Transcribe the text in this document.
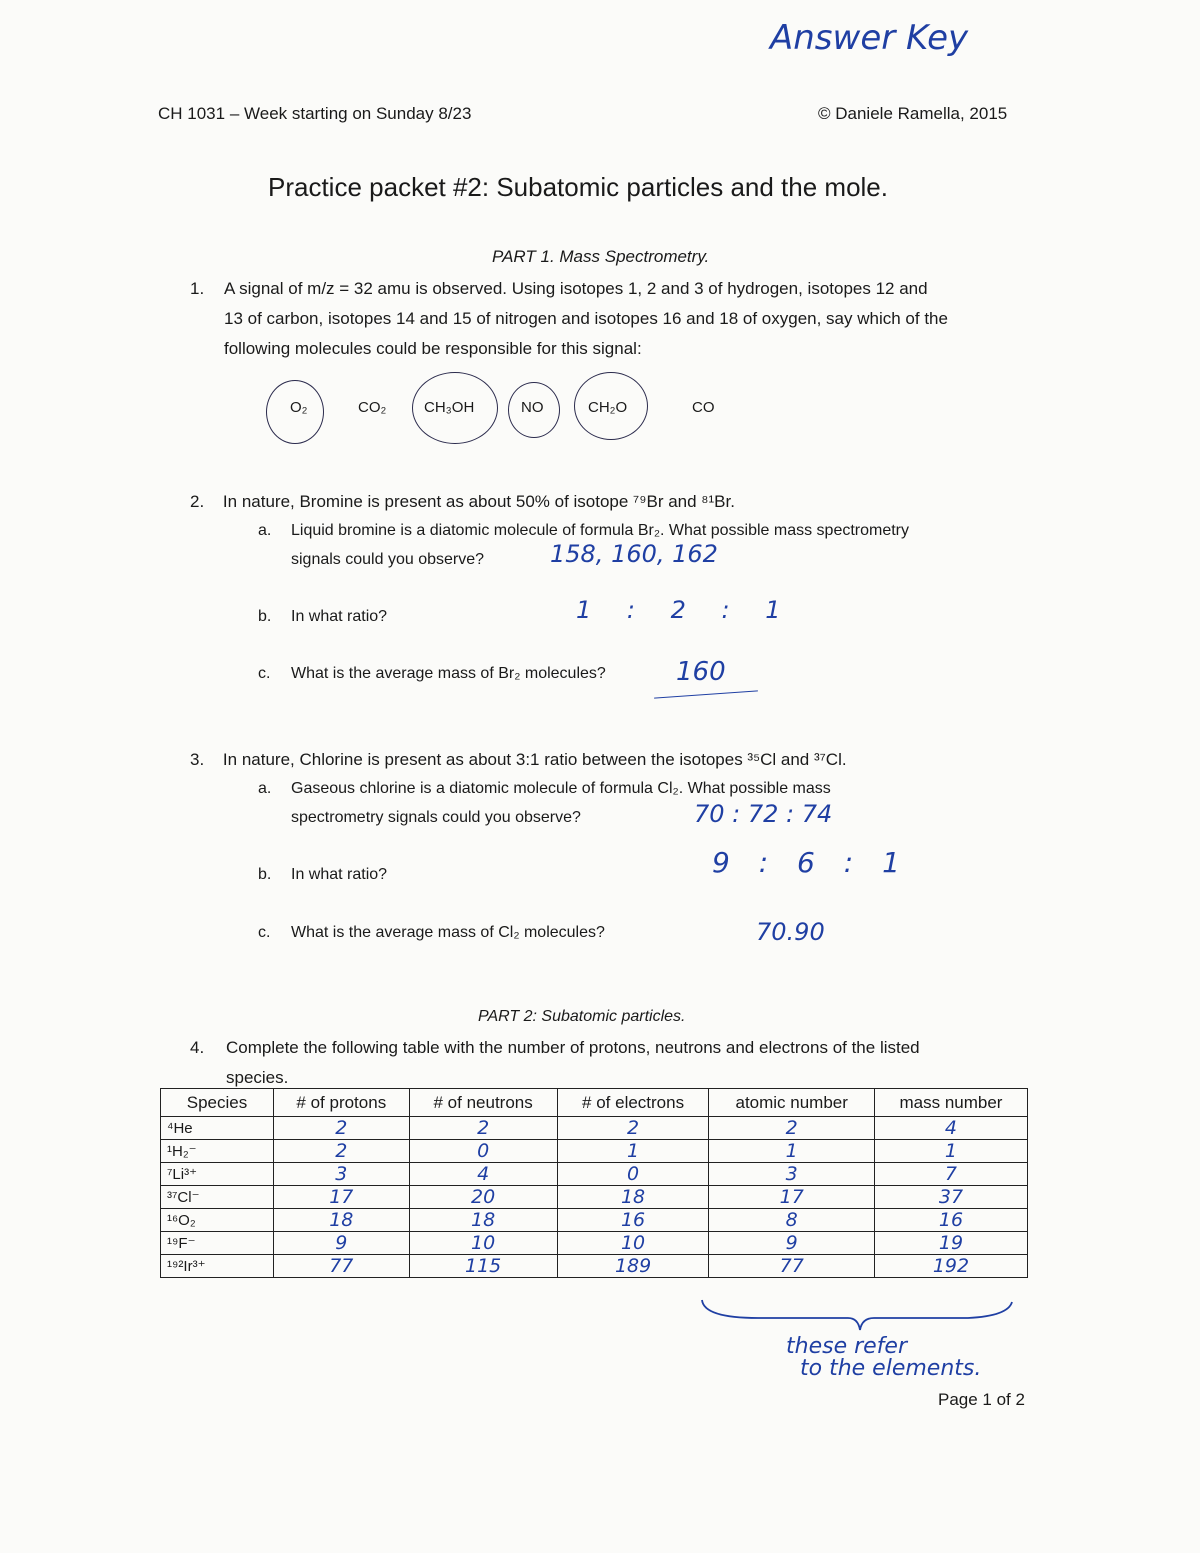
Answer Key
CH 1031 – Week starting on Sunday 8/23	© Daniele Ramella, 2015
Practice packet #2: Subatomic particles and the mole.
PART 1. Mass Spectrometry.
1. A signal of m/z = 32 amu is observed. Using isotopes 1, 2 and 3 of hydrogen, isotopes 12 and
13 of carbon, isotopes 14 and 15 of nitrogen and isotopes 16 and 18 of oxygen, say which of the
following molecules could be responsible for this signal:
O₂	CO₂	CH₃OH	NO	CH₂O	CO
2. In nature, Bromine is present as about 50% of isotope ⁷⁹Br and ⁸¹Br.
a. Liquid bromine is a diatomic molecule of formula Br₂. What possible mass spectrometry
signals could you observe?	158, 160, 162
b. In what ratio?	1 : 2 : 1
c. What is the average mass of Br₂ molecules?	160
3. In nature, Chlorine is present as about 3:1 ratio between the isotopes ³⁵Cl and ³⁷Cl.
a. Gaseous chlorine is a diatomic molecule of formula Cl₂. What possible mass
spectrometry signals could you observe?	70 : 72 : 74
b. In what ratio?	9 : 6 : 1
c. What is the average mass of Cl₂ molecules?	70.90
PART 2: Subatomic particles.
4. Complete the following table with the number of protons, neutrons and electrons of the listed
species.
Species	# of protons	# of neutrons	# of electrons	atomic number	mass number
⁴He	2	2	2	2	4
¹H₂⁻	2	0	1	1	1
⁷Li³⁺	3	4	0	3	7
³⁷Cl⁻	17	20	18	17	37
¹⁶O₂	18	18	16	8	16
¹⁹F⁻	9	10	10	9	19
¹⁹²Ir³⁺	77	115	189	77	192
these refer
to the elements.
Page 1 of 2
